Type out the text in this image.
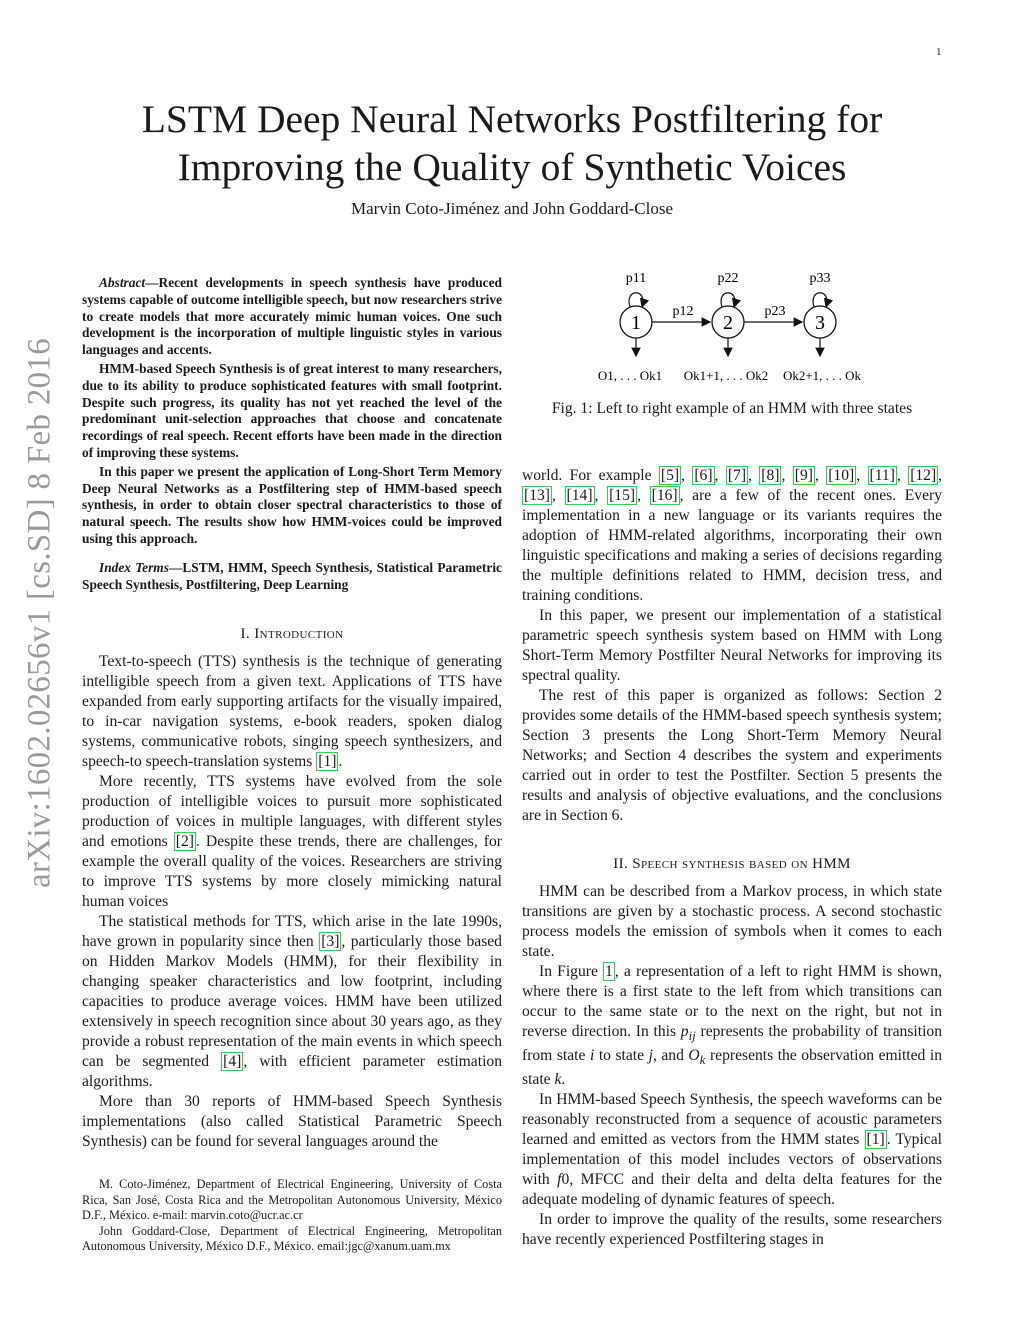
1
LSTM Deep Neural Networks Postfiltering for
Improving the Quality of Synthetic Voices
Marvin Coto-Jiménez and John Goddard-Close
arXiv:1602.02656v1 [cs.SD] 8 Feb 2016

Abstract—Recent developments in speech synthesis have produced systems capable of outcome intelligible speech, but now researchers strive to create models that more accurately mimic human voices. One such development is the incorporation of multiple linguistic styles in various languages and accents.

HMM-based Speech Synthesis is of great interest to many researchers, due to its ability to produce sophisticated features with small footprint. Despite such progress, its quality has not yet reached the level of the predominant unit-selection approaches that choose and concatenate recordings of real speech. Recent efforts have been made in the direction of improving these systems.

In this paper we present the application of Long-Short Term Memory Deep Neural Networks as a Postfiltering step of HMM-based speech synthesis, in order to obtain closer spectral characteristics to those of natural speech. The results show how HMM-voices could be improved using this approach.

Index Terms—LSTM, HMM, Speech Synthesis, Statistical Parametric Speech Synthesis, Postfiltering, Deep Learning

I. Introduction

Text-to-speech (TTS) synthesis is the technique of generating intelligible speech from a given text. Applications of TTS have expanded from early supporting artifacts for the visually impaired, to in-car navigation systems, e-book readers, spoken dialog systems, communicative robots, singing speech synthesizers, and speech-to speech-translation systems [1] .

More recently, TTS systems have evolved from the sole production of intelligible voices to pursuit more sophisticated production of voices in multiple languages, with different styles and emotions [2] . Despite these trends, there are challenges, for example the overall quality of the voices. Researchers are striving to improve TTS systems by more closely mimicking natural human voices

The statistical methods for TTS, which arise in the late 1990s, have grown in popularity since then [3] , particularly those based on Hidden Markov Models (HMM), for their flexibility in changing speaker characteristics and low footprint, including capacities to produce average voices. HMM have been utilized extensively in speech recognition since about 30 years ago, as they provide a robust representation of the main events in which speech can be segmented [4] , with efficient parameter estimation algorithms.

More than 30 reports of HMM-based Speech Synthesis implementations (also called Statistical Parametric Speech Synthesis) can be found for several languages around the

M. Coto-Jiménez, Department of Electrical Engineering, University of Costa Rica, San José, Costa Rica and the Metropolitan Autonomous University, México D.F., México. e-mail: marvin.coto@ucr.ac.cr

John Goddard-Close, Department of Electrical Engineering, Metropolitan Autonomous University, México D.F., México. email:jgc@xanum.uam.mx

p11	p22	p33
p12	p23
1	2	3
O1, . . . Ok1 Ok1+1, . . . Ok2 Ok2+1, . . . Ok
Fig. 1: Left to right example of an HMM with three states

world. For example [5] , [6] , [7] , [8] , [9] , [10] , [11] , [12] , [13] , [14] , [15] , [16] , are a few of the recent ones. Every implementation in a new language or its variants requires the adoption of HMM-related algorithms, incorporating their own linguistic specifications and making a series of decisions regarding the multiple definitions related to HMM, decision tress, and training conditions.

In this paper, we present our implementation of a statistical parametric speech synthesis system based on HMM with Long Short-Term Memory Postfilter Neural Networks for improving its spectral quality.

The rest of this paper is organized as follows: Section 2 provides some details of the HMM-based speech synthesis system; Section 3 presents the Long Short-Term Memory Neural Networks; and Section 4 describes the system and experiments carried out in order to test the Postfilter. Section 5 presents the results and analysis of objective evaluations, and the conclusions are in Section 6.

II. Speech synthesis based on HMM

HMM can be described from a Markov process, in which state transitions are given by a stochastic process. A second stochastic process models the emission of symbols when it comes to each state.

In Figure 1 , a representation of a left to right HMM is shown, where there is a first state to the left from which transitions can occur to the same state or to the next on the right, but not in reverse direction. In this $p_{ij}$ represents the probability of transition from state i to state j, and $O_k$ represents the observation emitted in state k.

In HMM-based Speech Synthesis, the speech waveforms can be reasonably reconstructed from a sequence of acoustic parameters learned and emitted as vectors from the HMM states [1] . Typical implementation of this model includes vectors of observations with f0, MFCC and their delta and delta delta features for the adequate modeling of dynamic features of speech.

In order to improve the quality of the results, some researchers have recently experienced Postfiltering stages in
